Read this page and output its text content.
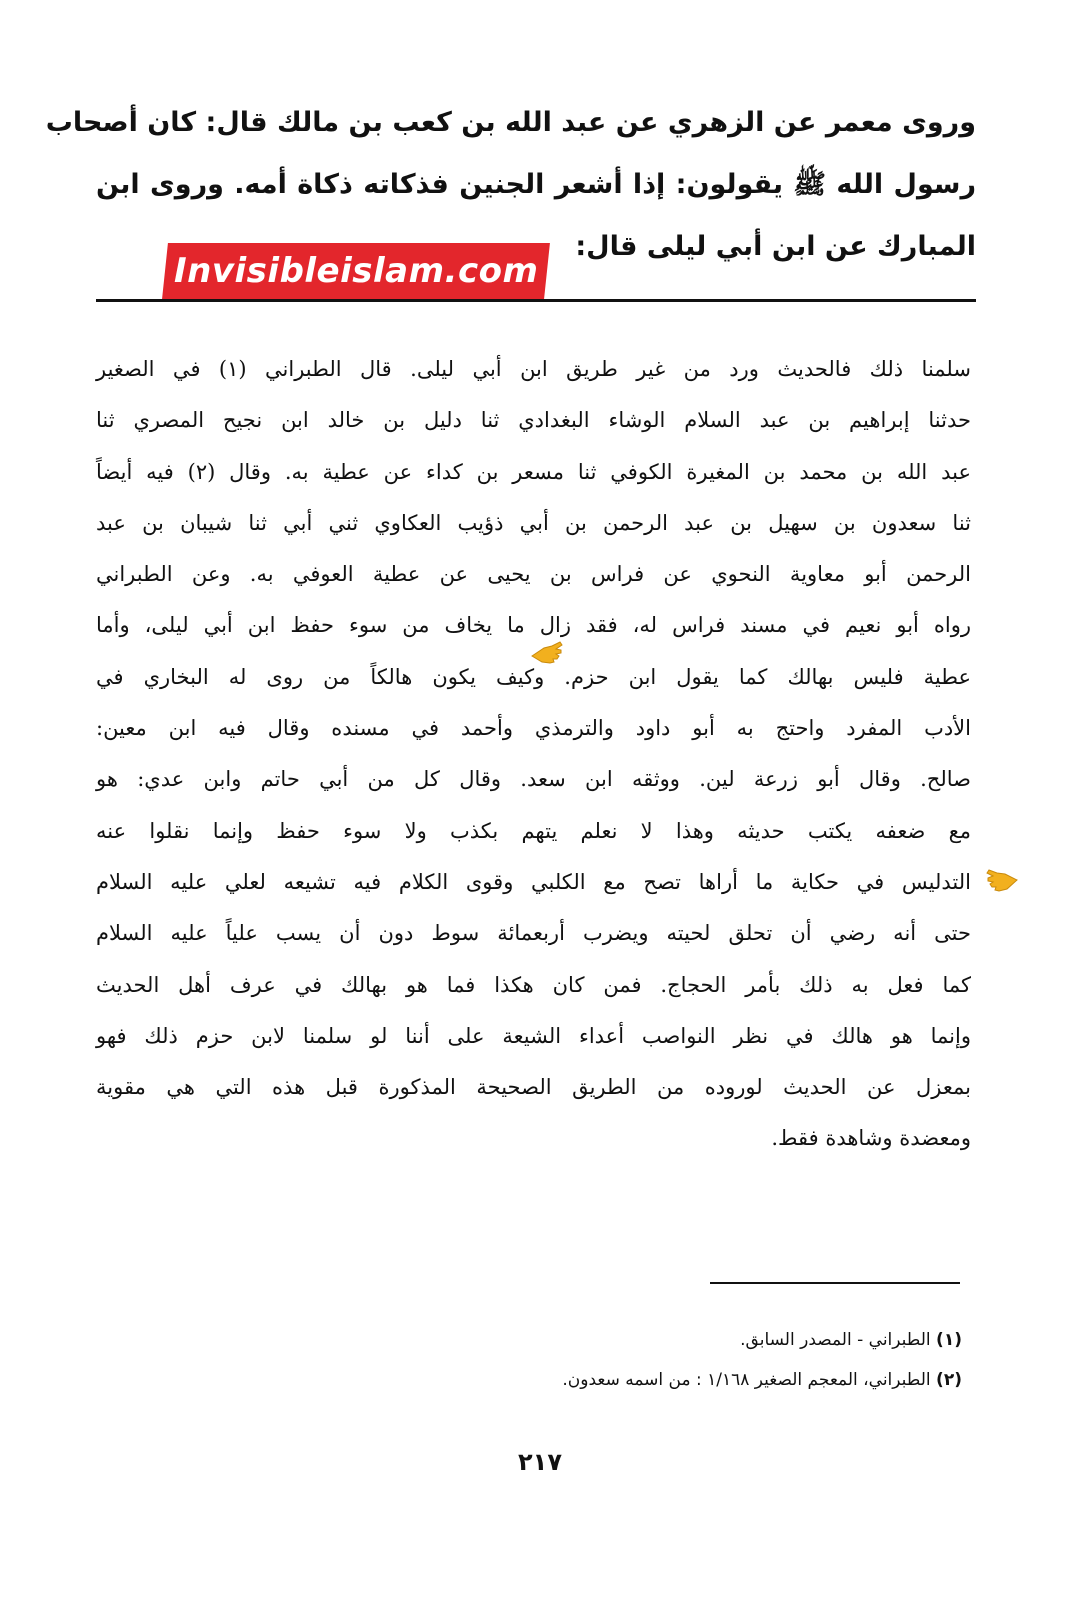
وروى معمر عن الزهري عن عبد الله بن كعب بن مالك قال: كان أصحاب
رسول الله ﷺ يقولون: إذا أشعر الجنين فذكاته ذكاة أمه. وروى ابن
المبارك عن ابن أبي ليلى قال:
Invisibleislam.com
سلمنا ذلك فالحديث ورد من غير طريق ابن أبي ليلى. قال الطبراني (١) في الصغير
حدثنا إبراهيم بن عبد السلام الوشاء البغدادي ثنا دليل بن خالد ابن نجيح المصري ثنا
عبد الله بن محمد بن المغيرة الكوفي ثنا مسعر بن كداء عن عطية به. وقال (٢) فيه أيضاً
ثنا سعدون بن سهيل بن عبد الرحمن بن أبي ذؤيب العكاوي ثني أبي ثنا شيبان بن عبد
الرحمن أبو معاوية النحوي عن فراس بن يحيى عن عطية العوفي به. وعن الطبراني
رواه أبو نعيم في مسند فراس له، فقد زال ما يخاف من سوء حفظ ابن أبي ليلى، وأما
عطية فليس بهالك كما يقول ابن حزم. وكيف يكون هالكاً من روى له البخاري في
الأدب المفرد واحتج به أبو داود والترمذي وأحمد في مسنده وقال فيه ابن معين:
صالح. وقال أبو زرعة لين. ووثقه ابن سعد. وقال كل من أبي حاتم وابن عدي: هو
مع ضعفه يكتب حديثه وهذا لا نعلم يتهم بكذب ولا سوء حفظ وإنما نقلوا عنه
التدليس في حكاية ما أراها تصح مع الكلبي وقوى الكلام فيه تشيعه لعلي عليه السلام
حتى أنه رضي أن تحلق لحيته ويضرب أربعمائة سوط دون أن يسب علياً عليه السلام
كما فعل به ذلك بأمر الحجاج. فمن كان هكذا فما هو بهالك في عرف أهل الحديث
وإنما هو هالك في نظر النواصب أعداء الشيعة على أننا لو سلمنا لابن حزم ذلك فهو
بمعزل عن الحديث لوروده من الطريق الصحيحة المذكورة قبل هذه التي هي مقوية
ومعضدة وشاهدة فقط.
(١) الطبراني - المصدر السابق.
(٢) الطبراني، المعجم الصغير ١/١٦٨ : من اسمه سعدون.
٢١٧
